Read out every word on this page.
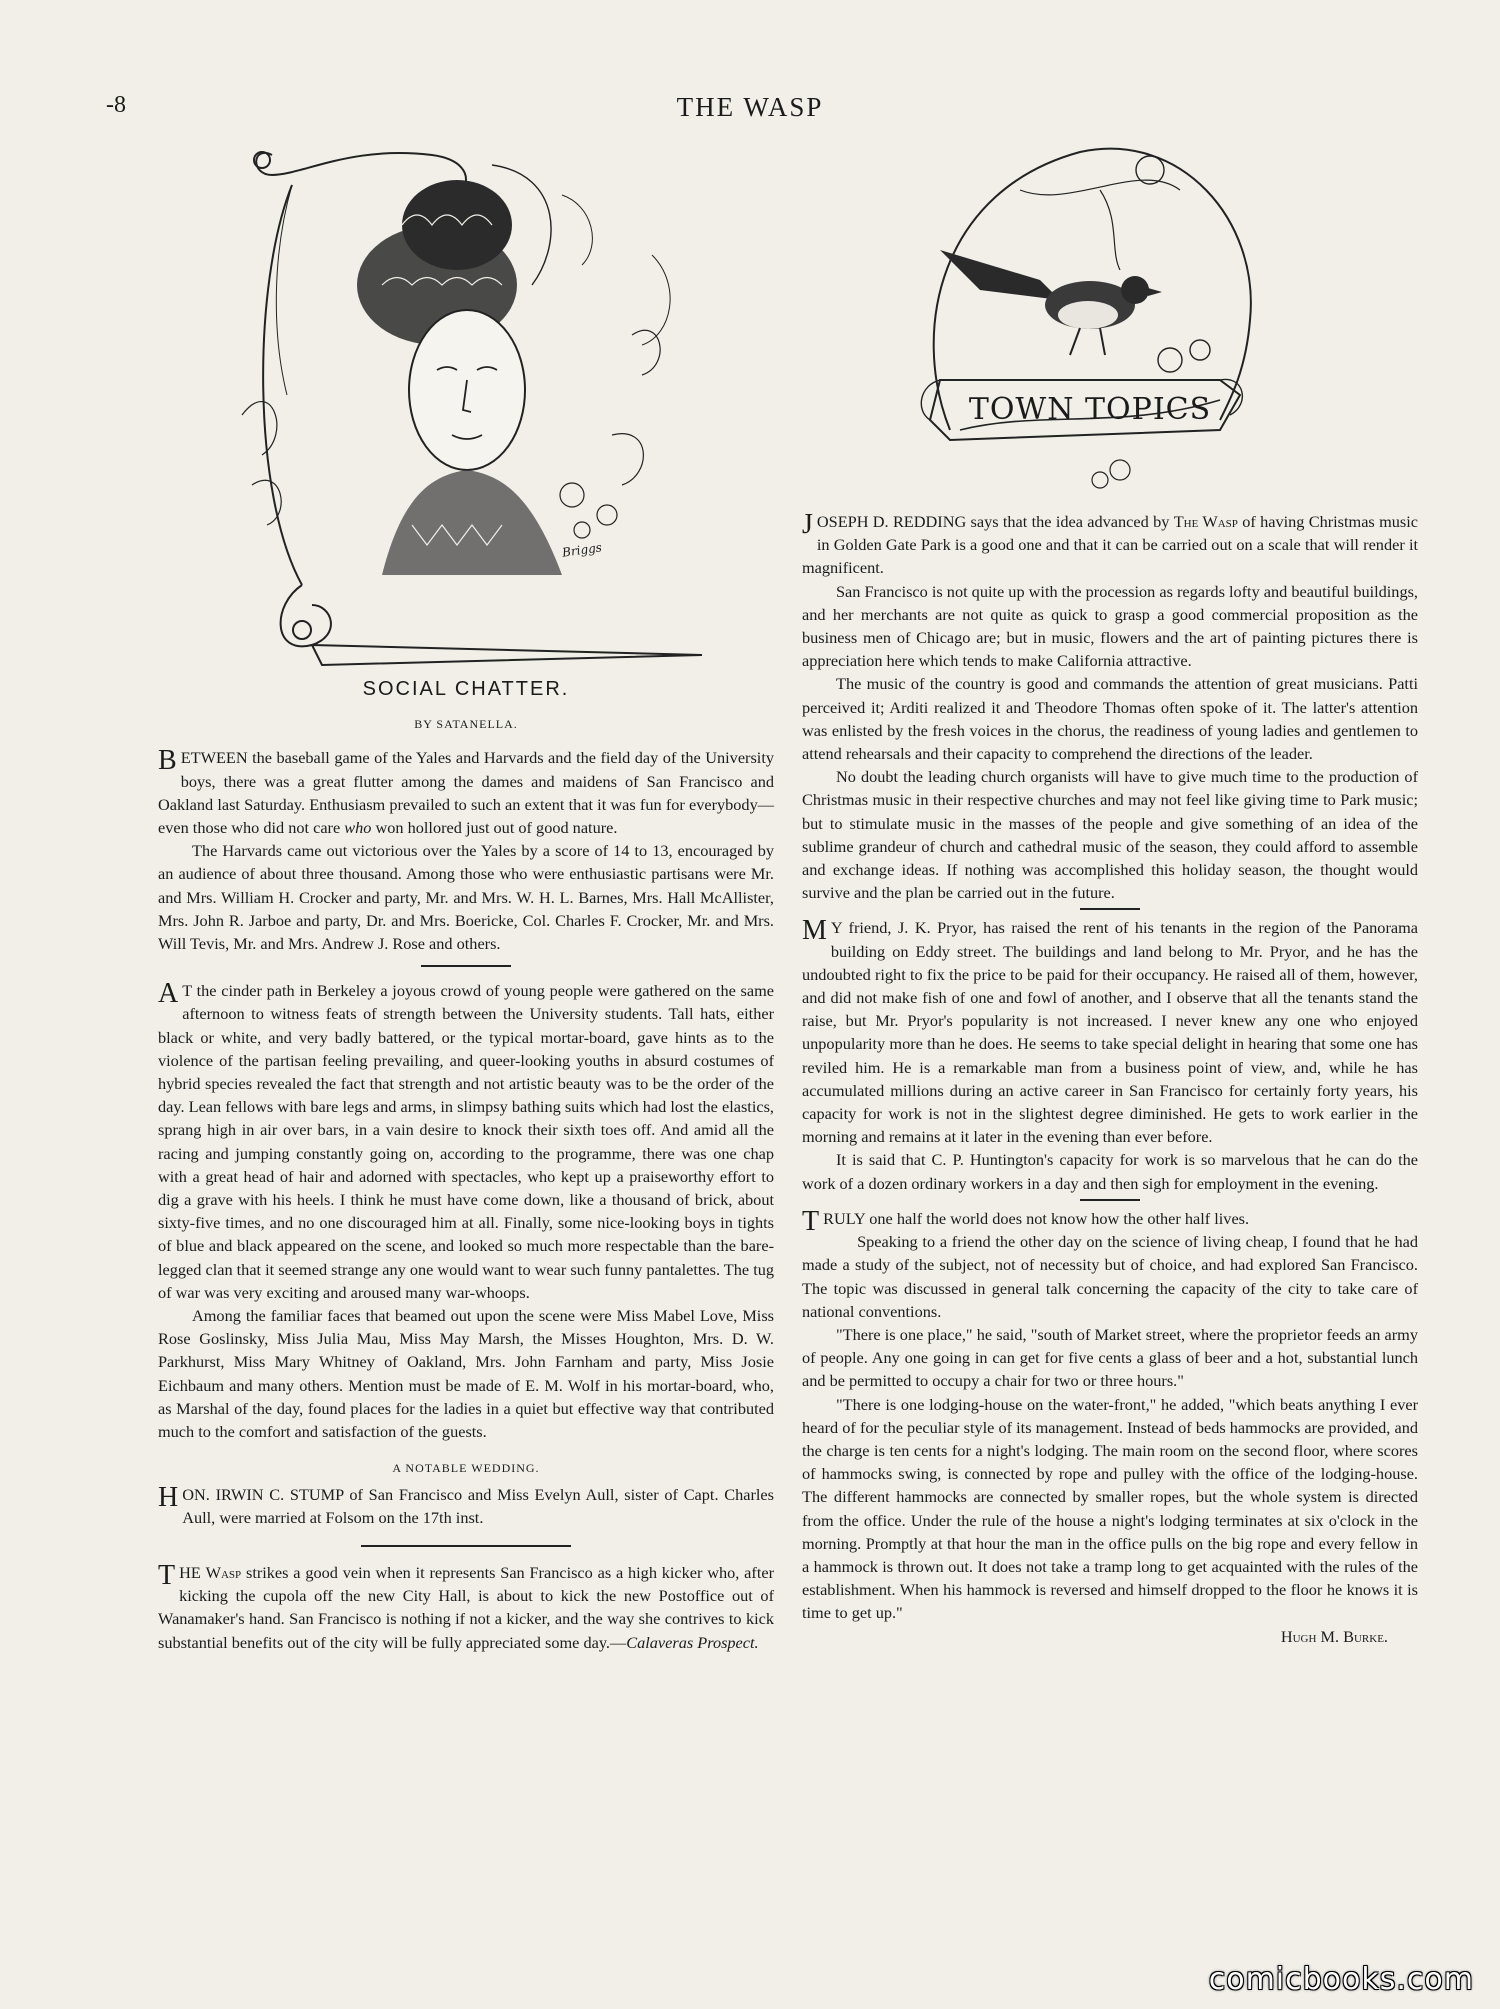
-8	THE WASP
Briggs
TOWN TOPICS
SOCIAL CHATTER.
BY SATANELLA.

BETWEEN the baseball game of the Yales and Harvards and the field day of the University boys, there was a great flutter among the dames and maidens of San Francisco and Oakland last Saturday. Enthusiasm prevailed to such an extent that it was fun for everybody—even those who did not care who won hollored just out of good nature.

The Harvards came out victorious over the Yales by a score of 14 to 13, encouraged by an audience of about three thousand. Among those who were enthusiastic partisans were Mr. and Mrs. William H. Crocker and party, Mr. and Mrs. W. H. L. Barnes, Mrs. Hall McAllister, Mrs. John R. Jarboe and party, Dr. and Mrs. Boericke, Col. Charles F. Crocker, Mr. and Mrs. Will Tevis, Mr. and Mrs. Andrew J. Rose and others.

A T the cinder path in Berkeley a joyous crowd of young people were gathered on the same afternoon to witness feats of strength between the University students. Tall hats, either black or white, and very badly battered, or the typical mortar-board, gave hints as to the violence of the partisan feeling prevailing, and queer-looking youths in absurd costumes of hybrid species revealed the fact that strength and not artistic beauty was to be the order of the day. Lean fellows with bare legs and arms, in slimpsy bathing suits which had lost the elastics, sprang high in air over bars, in a vain desire to knock their sixth toes off. And amid all the racing and jumping constantly going on, according to the programme, there was one chap with a great head of hair and adorned with spectacles, who kept up a praiseworthy effort to dig a grave with his heels. I think he must have come down, like a thousand of brick, about sixty-five times, and no one discouraged him at all. Finally, some nice-looking boys in tights of blue and black appeared on the scene, and looked so much more respectable than the bare-legged clan that it seemed strange any one would want to wear such funny pantalettes. The tug of war was very exciting and aroused many war-whoops.

Among the familiar faces that beamed out upon the scene were Miss Mabel Love, Miss Rose Goslinsky, Miss Julia Mau, Miss May Marsh, the Misses Houghton, Mrs. D. W. Parkhurst, Miss Mary Whitney of Oakland, Mrs. John Farnham and party, Miss Josie Eichbaum and many others. Mention must be made of E. M. Wolf in his mortar-board, who, as Marshal of the day, found places for the ladies in a quiet but effective way that contributed much to the comfort and satisfaction of the guests.

A NOTABLE WEDDING.

HON. IRWIN C. STUMP of San Francisco and Miss Evelyn Aull, sister of Capt. Charles Aull, were married at Folsom on the 17th inst.

THE Wasp strikes a good vein when it represents San Francisco as a high kicker who, after kicking the cupola off the new City Hall, is about to kick the new Postoffice out of Wanamaker's hand. San Francisco is nothing if not a kicker, and the way she contrives to kick substantial benefits out of the city will be fully appreciated some day.—Calaveras Prospect.

JOSEPH D. REDDING says that the idea advanced by The Wasp of having Christmas music in Golden Gate Park is a good one and that it can be carried out on a scale that will render it magnificent.

San Francisco is not quite up with the procession as regards lofty and beautiful buildings, and her merchants are not quite as quick to grasp a good commercial proposition as the business men of Chicago are; but in music, flowers and the art of painting pictures there is appreciation here which tends to make California attractive.

The music of the country is good and commands the attention of great musicians. Patti perceived it; Arditi realized it and Theodore Thomas often spoke of it. The latter's attention was enlisted by the fresh voices in the chorus, the readiness of young ladies and gentlemen to attend rehearsals and their capacity to comprehend the directions of the leader.

No doubt the leading church organists will have to give much time to the production of Christmas music in their respective churches and may not feel like giving time to Park music; but to stimulate music in the masses of the people and give something of an idea of the sublime grandeur of church and cathedral music of the season, they could afford to assemble and exchange ideas. If nothing was accomplished this holiday season, the thought would survive and the plan be carried out in the future.

M Y friend, J. K. Pryor, has raised the rent of his tenants in the region of the Panorama building on Eddy street. The buildings and land belong to Mr. Pryor, and he has the undoubted right to fix the price to be paid for their occupancy. He raised all of them, however, and did not make fish of one and fowl of another, and I observe that all the tenants stand the raise, but Mr. Pryor's popularity is not increased. I never knew any one who enjoyed unpopularity more than he does. He seems to take special delight in hearing that some one has reviled him. He is a remarkable man from a business point of view, and, while he has accumulated millions during an active career in San Francisco for certainly forty years, his capacity for work is not in the slightest degree diminished. He gets to work earlier in the morning and remains at it later in the evening than ever before.

It is said that C. P. Huntington's capacity for work is so marvelous that he can do the work of a dozen ordinary workers in a day and then sigh for employment in the evening.

TRULY one half the world does not know how the other half lives.

Speaking to a friend the other day on the science of living cheap, I found that he had made a study of the subject, not of necessity but of choice, and had explored San Francisco. The topic was discussed in general talk concerning the capacity of the city to take care of national conventions.

"There is one place," he said, "south of Market street, where the proprietor feeds an army of people. Any one going in can get for five cents a glass of beer and a hot, substantial lunch and be permitted to occupy a chair for two or three hours."

"There is one lodging-house on the water-front," he added, "which beats anything I ever heard of for the peculiar style of its management. Instead of beds hammocks are provided, and the charge is ten cents for a night's lodging. The main room on the second floor, where scores of hammocks swing, is connected by rope and pulley with the office of the lodging-house. The different hammocks are connected by smaller ropes, but the whole system is directed from the office. Under the rule of the house a night's lodging terminates at six o'clock in the morning. Promptly at that hour the man in the office pulls on the big rope and every fellow in a hammock is thrown out. It does not take a tramp long to get acquainted with the rules of the establishment. When his hammock is reversed and himself dropped to the floor he knows it is time to get up."

Hugh M. Burke.
comicbooks.com
